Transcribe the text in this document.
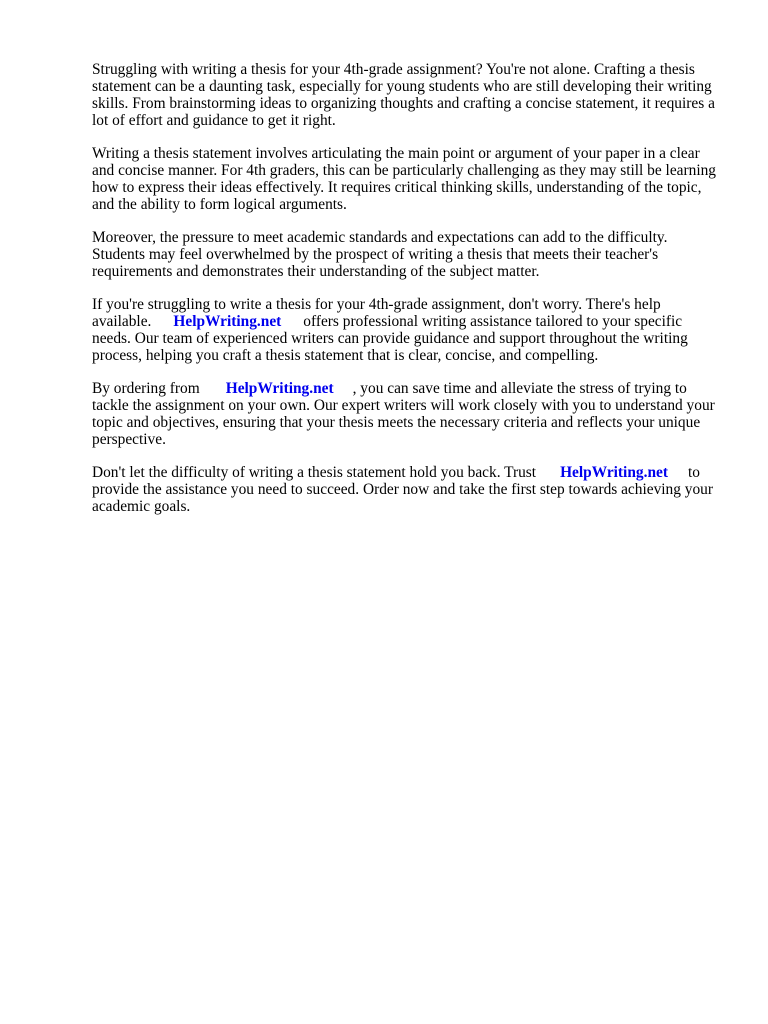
Struggling with writing a thesis for your 4th-grade assignment? You're not alone. Crafting a thesis statement can be a daunting task, especially for young students who are still developing their writing skills. From brainstorming ideas to organizing thoughts and crafting a concise statement, it requires a lot of effort and guidance to get it right.

Writing a thesis statement involves articulating the main point or argument of your paper in a clear and concise manner. For 4th graders, this can be particularly challenging as they may still be learning how to express their ideas effectively. It requires critical thinking skills, understanding of the topic, and the ability to form logical arguments.

Moreover, the pressure to meet academic standards and expectations can add to the difficulty. Students may feel overwhelmed by the prospect of writing a thesis that meets their teacher's requirements and demonstrates their understanding of the subject matter.

If you're struggling to write a thesis for your 4th-grade assignment, don't worry. There's help available. HelpWriting.net offers professional writing assistance tailored to your specific needs. Our team of experienced writers can provide guidance and support throughout the writing process, helping you craft a thesis statement that is clear, concise, and compelling.

By ordering from HelpWriting.net , you can save time and alleviate the stress of trying to tackle the assignment on your own. Our expert writers will work closely with you to understand your topic and objectives, ensuring that your thesis meets the necessary criteria and reflects your unique perspective.

Don't let the difficulty of writing a thesis statement hold you back. Trust HelpWriting.net to provide the assistance you need to succeed. Order now and take the first step towards achieving your academic goals.
